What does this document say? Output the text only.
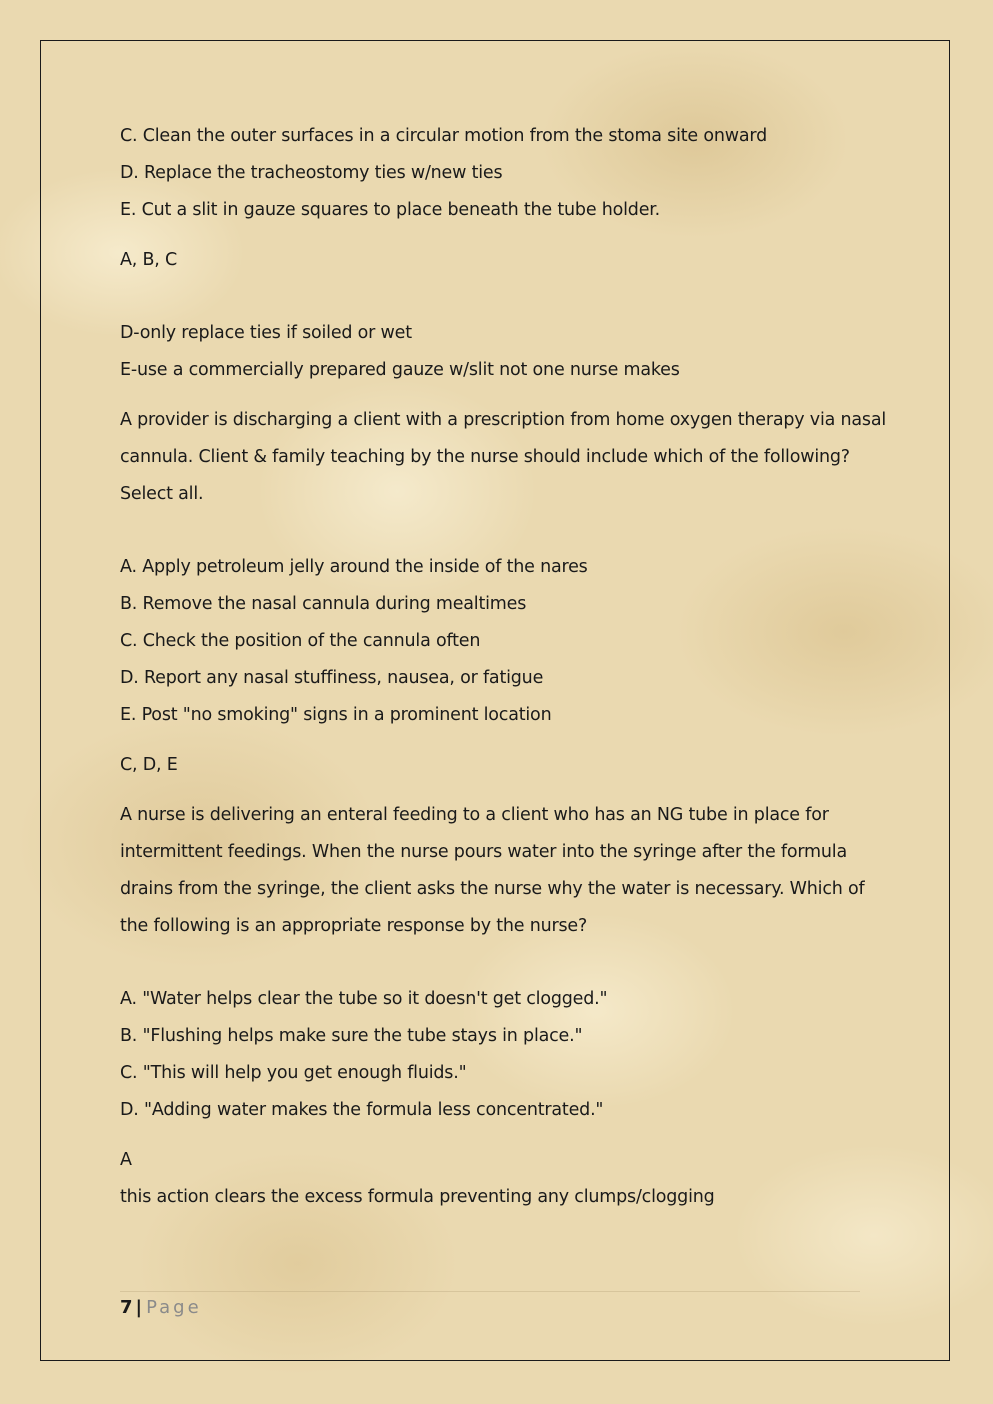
C. Clean the outer surfaces in a circular motion from the stoma site onward

D. Replace the tracheostomy ties w/new ties

E. Cut a slit in gauze squares to place beneath the tube holder.

A, B, C

D-only replace ties if soiled or wet

E-use a commercially prepared gauze w/slit not one nurse makes

A provider is discharging a client with a prescription from home oxygen therapy via nasal

cannula. Client & family teaching by the nurse should include which of the following?

Select all.

A. Apply petroleum jelly around the inside of the nares

B. Remove the nasal cannula during mealtimes

C. Check the position of the cannula often

D. Report any nasal stuffiness, nausea, or fatigue

E. Post "no smoking" signs in a prominent location

C, D, E

A nurse is delivering an enteral feeding to a client who has an NG tube in place for

intermittent feedings. When the nurse pours water into the syringe after the formula

drains from the syringe, the client asks the nurse why the water is necessary. Which of

the following is an appropriate response by the nurse?

A. "Water helps clear the tube so it doesn't get clogged."

B. "Flushing helps make sure the tube stays in place."

C. "This will help you get enough fluids."

D. "Adding water makes the formula less concentrated."

A

this action clears the excess formula preventing any clumps/clogging

7 | Page
